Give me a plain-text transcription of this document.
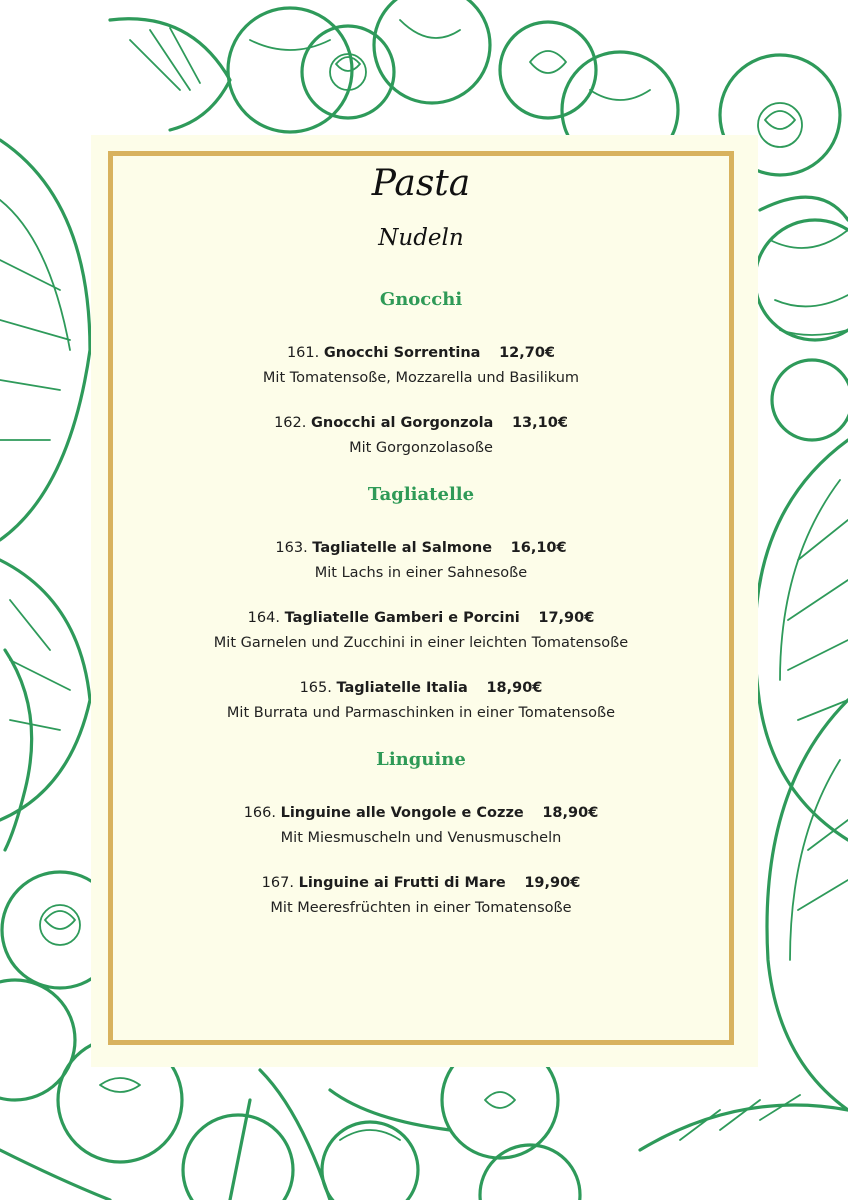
Pasta
Nudeln
Gnocchi
161. Gnocchi Sorrentina 12,70€
Mit Tomatensoße, Mozzarella und Basilikum
162. Gnocchi al Gorgonzola 13,10€
Mit Gorgonzolasoße
Tagliatelle
163. Tagliatelle al Salmone 16,10€
Mit Lachs in einer Sahnesoße
164. Tagliatelle Gamberi e Porcini 17,90€
Mit Garnelen und Zucchini in einer leichten Tomatensoße
165. Tagliatelle Italia 18,90€
Mit Burrata und Parmaschinken in einer Tomatensoße
Linguine
166. Linguine alle Vongole e Cozze 18,90€
Mit Miesmuscheln und Venusmuscheln
167. Linguine ai Frutti di Mare 19,90€
Mit Meeresfrüchten in einer Tomatensoße
